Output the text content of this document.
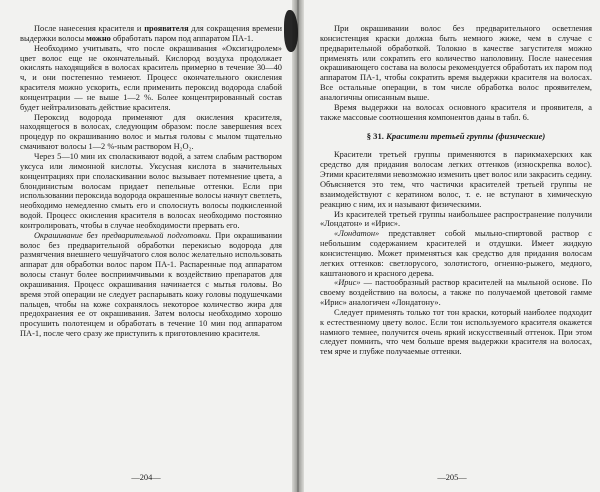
После нанесения красителя и проявителя для сокращения времени выдержки волосы можно обработать паром под аппаратом ПА-1.

Необходимо учитывать, что после окрашивания «Оксигидролем» цвет волос еще не окончательный. Кислород воздуха продолжает окислять находящийся в волосах краситель примерно в течение 30—40 ч, и они постепенно темнеют. Процесс окончательного окисления красителя можно ускорить, если применить пероксид водорода слабой концентрации — не выше 1—2 %. Более концентрированный состав будет нейтрализовать действие красителя.

Пероксид водорода применяют для окисления красителя, находящегося в волосах, следующим образом: после завершения всех процедур по окрашиванию волос и мытья головы с мылом тщательно смачивают волосы 1—2 %-ным раствором H₂O₂.

Через 5—10 мин их споласкивают водой, а затем слабым раствором уксуса или лимонной кислоты. Уксусная кислота в значительных концентрациях при споласкивании волос вызывает потемнение цвета, а блондинистым волосам придает пепельные оттенки. Если при использовании пероксида водорода окрашенные волосы начнут светлеть, необходимо немедленно смыть его и сполоснуть волосы подкисленной водой. Процесс окисления красителя в волосах необходимо постоянно контролировать, чтобы в случае необходимости прервать его.

Окрашивание без предварительной подготовки. При окрашивании волос без предварительной обработки перекисью водорода для размягчения внешнего чешуйчатого слоя волос желательно использовать аппарат для обработки волос паром ПА-1. Распаренные под аппаратом волосы станут более восприимчивыми к воздействию препаратов для окрашивания. Процесс окрашивания начинается с мытья головы. Во время этой операции не следует распарывать кожу головы подушечками пальцев, чтобы на коже сохранялось некоторое количество жира для предохранения ее от окрашивания. Затем волосы необходимо хорошо просушить полотенцем и обработать в течение 10 мин под аппаратом ПА-1, после чего сразу же приступить к приготовлению красителя.

—204—

При окрашивании волос без предварительного осветления консистенция краски должна быть немного жиже, чем в случае с предварительной обработкой. Толокно в качестве загустителя можно применять или сократить его количество наполовину. После нанесения окрашивающего состава на волосы рекомендуется обработать их паром под аппаратом ПА-1, чтобы сократить время выдержки красителя на волосах. Все остальные операции, в том числе обработка волос проявителем, аналогичны описанным выше.

Время выдержки на волосах основного красителя и проявителя, а также массовые соотношения компонентов даны в табл. 6.

§ 31. Красители третьей группы (физические)

Красители третьей группы применяются в парикмахерских как средство для придания волосам легких оттенков (износкрепка волос). Этими красителями невозможно изменить цвет волос или закрасить седину. Объясняется это тем, что частички красителей третьей группы не взаимодействуют с кератином волос, т. е. не вступают в химическую реакцию с ним, их и называют физическими.

Из красителей третьей группы наибольшее распространение получили «Лондатон» и «Ирис».

«Лондатон» представляет собой мыльно-спиртовой раствор с небольшим содержанием красителей и отдушки. Имеет жидкую консистенцию. Может применяться как средство для придания волосам легких оттенков: светлорусого, золотистого, огненно-рыжего, медного, каштанового и красного дерева.

«Ирис» — пастообразный раствор красителей на мыльной основе. По своему воздействию на волосы, а также по получаемой цветовой гамме «Ирис» аналогичен «Лондатону».

Следует применять только тот тон краски, который наиболее подходит к естественному цвету волос. Если тон используемого красителя окажется намного темнее, получится очень яркий искусственный оттенок. При этом следует помнить, что чем больше время выдержки красителя на волосах, тем ярче и глубже получаемые оттенки.

—205—
